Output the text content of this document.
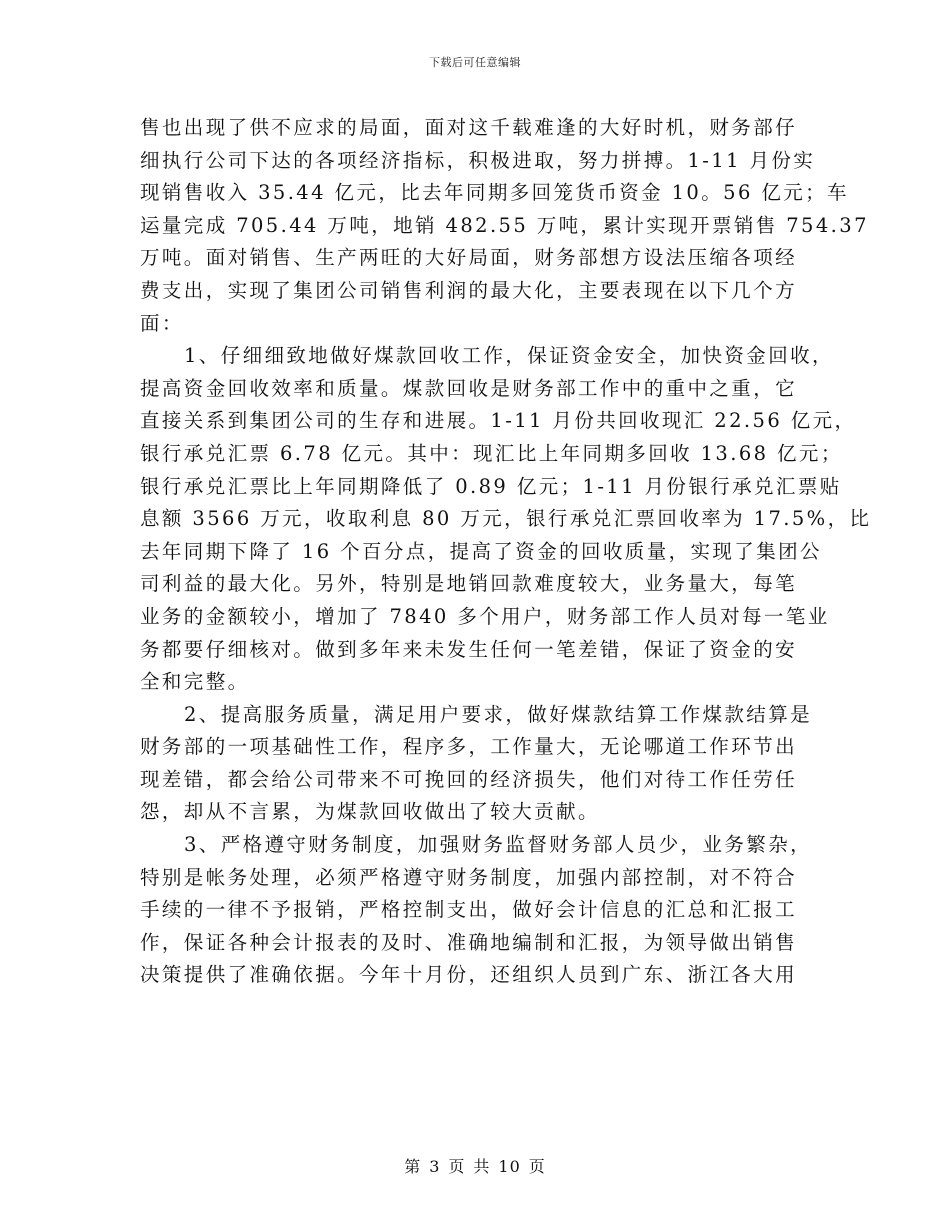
下载后可任意编辑
售也出现了供不应求的局面，面对这千载难逢的大好时机，财务部仔
细执行公司下达的各项经济指标，积极进取，努力拼搏。1-11 月份实
现销售收入 35.44 亿元，比去年同期多回笼货币资金 10。56 亿元；车
运量完成 705.44 万吨，地销 482.55 万吨，累计实现开票销售 754.37
万吨。面对销售、生产两旺的大好局面，财务部想方设法压缩各项经
费支出，实现了集团公司销售利润的最大化，主要表现在以下几个方
面：
1、仔细细致地做好煤款回收工作，保证资金安全，加快资金回收，
提高资金回收效率和质量。煤款回收是财务部工作中的重中之重，它
直接关系到集团公司的生存和进展。1-11 月份共回收现汇 22.56 亿元，
银行承兑汇票 6.78 亿元。其中：现汇比上年同期多回收 13.68 亿元；
银行承兑汇票比上年同期降低了 0.89 亿元；1-11 月份银行承兑汇票贴
息额 3566 万元，收取利息 80 万元，银行承兑汇票回收率为 17.5%，比
去年同期下降了 16 个百分点，提高了资金的回收质量，实现了集团公
司利益的最大化。另外，特别是地销回款难度较大，业务量大，每笔
业务的金额较小，增加了 7840 多个用户，财务部工作人员对每一笔业
务都要仔细核对。做到多年来未发生任何一笔差错，保证了资金的安
全和完整。
2、提高服务质量，满足用户要求，做好煤款结算工作煤款结算是
财务部的一项基础性工作，程序多，工作量大，无论哪道工作环节出
现差错，都会给公司带来不可挽回的经济损失，他们对待工作任劳任
怨，却从不言累，为煤款回收做出了较大贡献。
3、严格遵守财务制度，加强财务监督财务部人员少，业务繁杂，
特别是帐务处理，必须严格遵守财务制度，加强内部控制，对不符合
手续的一律不予报销，严格控制支出，做好会计信息的汇总和汇报工
作，保证各种会计报表的及时、准确地编制和汇报，为领导做出销售
决策提供了准确依据。今年十月份，还组织人员到广东、浙江各大用
第 3 页 共 10 页
